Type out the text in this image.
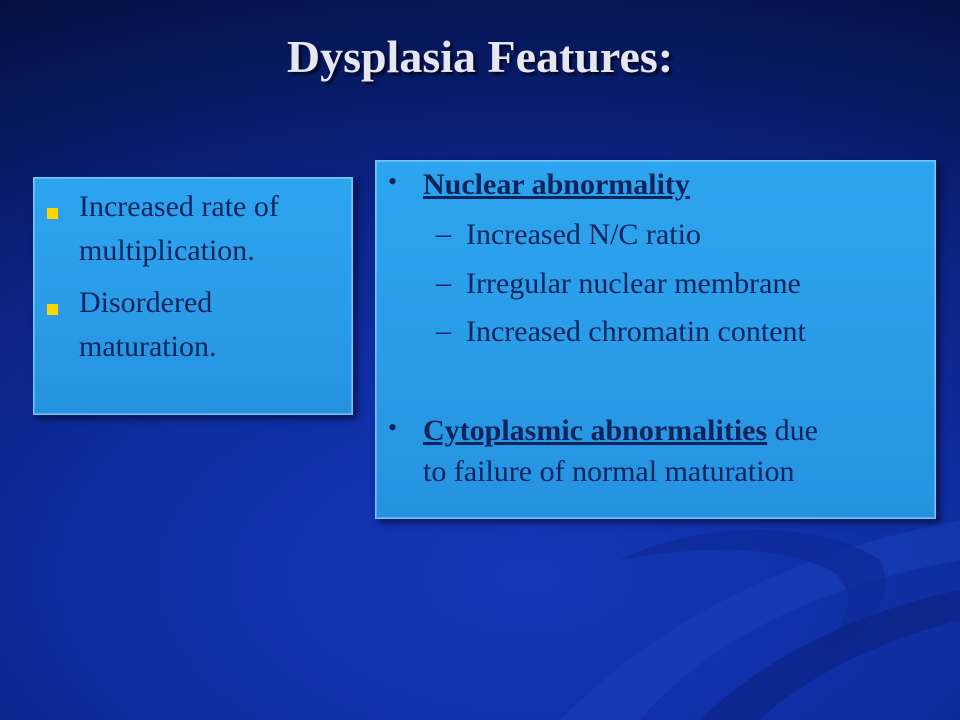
Dysplasia Features:
Increased rate of
multiplication.
Disordered
maturation.
• Nuclear abnormality
– Increased N/C ratio
– Irregular nuclear membrane
– Increased chromatin content
• Cytoplasmic abnormalities due
to failure of normal maturation
